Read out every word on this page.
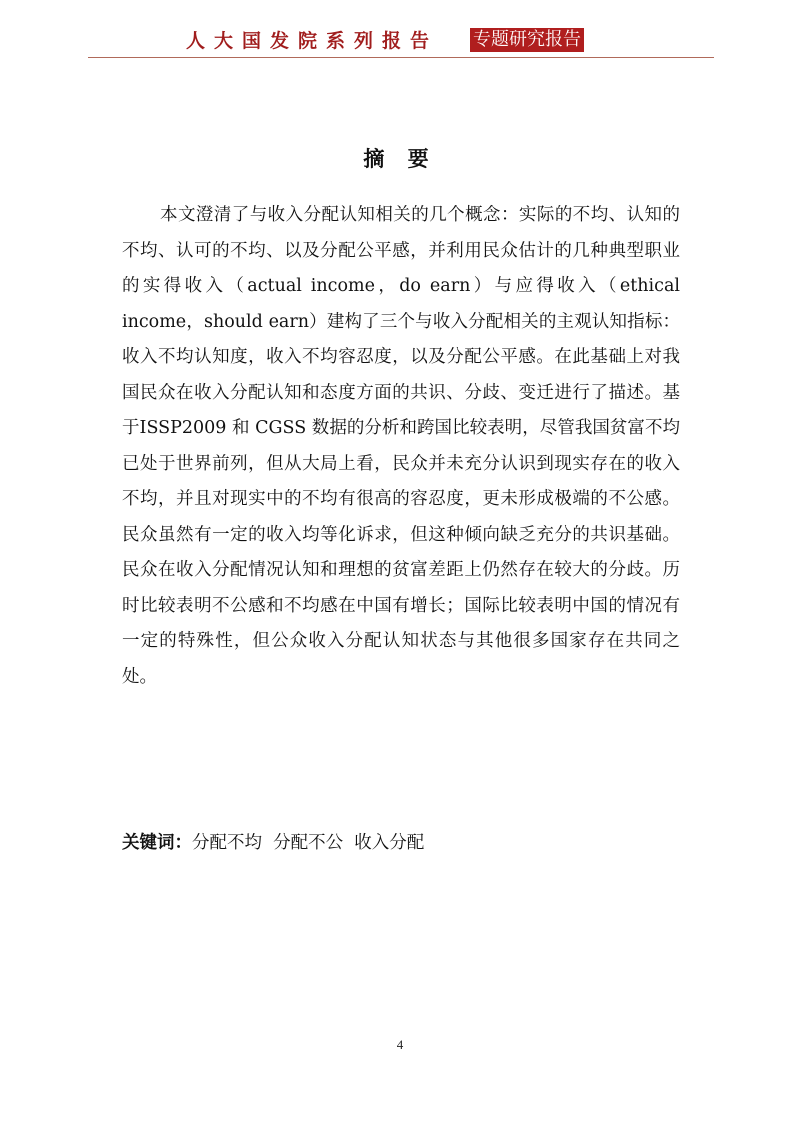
人大国发院系列报告 专题研究报告
摘 要

本文澄清了与收入分配认知相关的几个概念：实际的不均、认知的不均、认可的不均、以及分配公平感，并利用民众估计的几种典型职业的实得收入（actual income，do earn）与应得收入（ethical income，should earn）建构了三个与收入分配相关的主观认知指标：收入不均认知度，收入不均容忍度，以及分配公平感。在此基础上对我国民众在收入分配认知和态度方面的共识、分歧、变迁进行了描述。基于ISSP2009 和 CGSS 数据的分析和跨国比较表明，尽管我国贫富不均已处于世界前列，但从大局上看，民众并未充分认识到现实存在的收入不均，并且对现实中的不均有很高的容忍度，更未形成极端的不公感。民众虽然有一定的收入均等化诉求，但这种倾向缺乏充分的共识基础。民众在收入分配情况认知和理想的贫富差距上仍然存在较大的分歧。历时比较表明不公感和不均感在中国有增长；国际比较表明中国的情况有一定的特殊性，但公众收入分配认知状态与其他很多国家存在共同之处。

关键词：分配不均  分配不公  收入分配
4
